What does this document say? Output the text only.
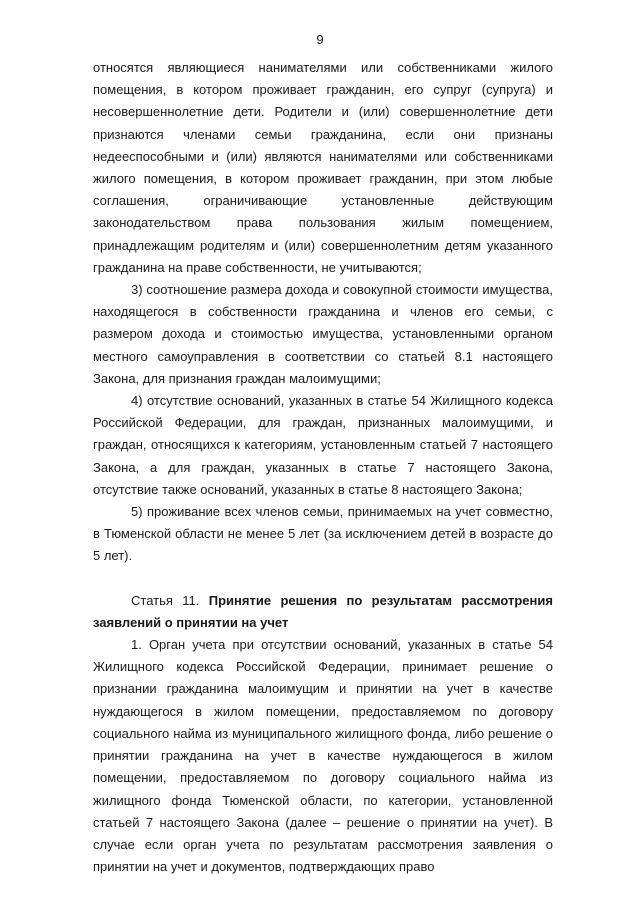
9

относятся являющиеся нанимателями или собственниками жилого помещения, в котором проживает гражданин, его супруг (супруга) и несовершеннолетние дети. Родители и (или) совершеннолетние дети признаются членами семьи гражданина, если они признаны недееспособными и (или) являются нанимателями или собственниками жилого помещения, в котором проживает гражданин, при этом любые соглашения, ограничивающие установленные действующим законодательством права пользования жилым помещением, принадлежащим родителям и (или) совершеннолетним детям указанного гражданина на праве собственности, не учитываются;

3) соотношение размера дохода и совокупной стоимости имущества, находящегося в собственности гражданина и членов его семьи, с размером дохода и стоимостью имущества, установленными органом местного самоуправления в соответствии со статьей 8.1 настоящего Закона, для признания граждан малоимущими;

4) отсутствие оснований, указанных в статье 54 Жилищного кодекса Российской Федерации, для граждан, признанных малоимущими, и граждан, относящихся к категориям, установленным статьей 7 настоящего Закона, а для граждан, указанных в статье 7 настоящего Закона, отсутствие также оснований, указанных в статье 8 настоящего Закона;

5) проживание всех членов семьи, принимаемых на учет совместно, в Тюменской области не менее 5 лет (за исключением детей в возрасте до 5 лет).

Статья 11. Принятие решения по результатам рассмотрения заявлений о принятии на учет

1. Орган учета при отсутствии оснований, указанных в статье 54 Жилищного кодекса Российской Федерации, принимает решение о признании гражданина малоимущим и принятии на учет в качестве нуждающегося в жилом помещении, предоставляемом по договору социального найма из муниципального жилищного фонда, либо решение о принятии гражданина на учет в качестве нуждающегося в жилом помещении, предоставляемом по договору социального найма из жилищного фонда Тюменской области, по категории, установленной статьей 7 настоящего Закона (далее – решение о принятии на учет). В случае если орган учета по результатам рассмотрения заявления о принятии на учет и документов, подтверждающих право
